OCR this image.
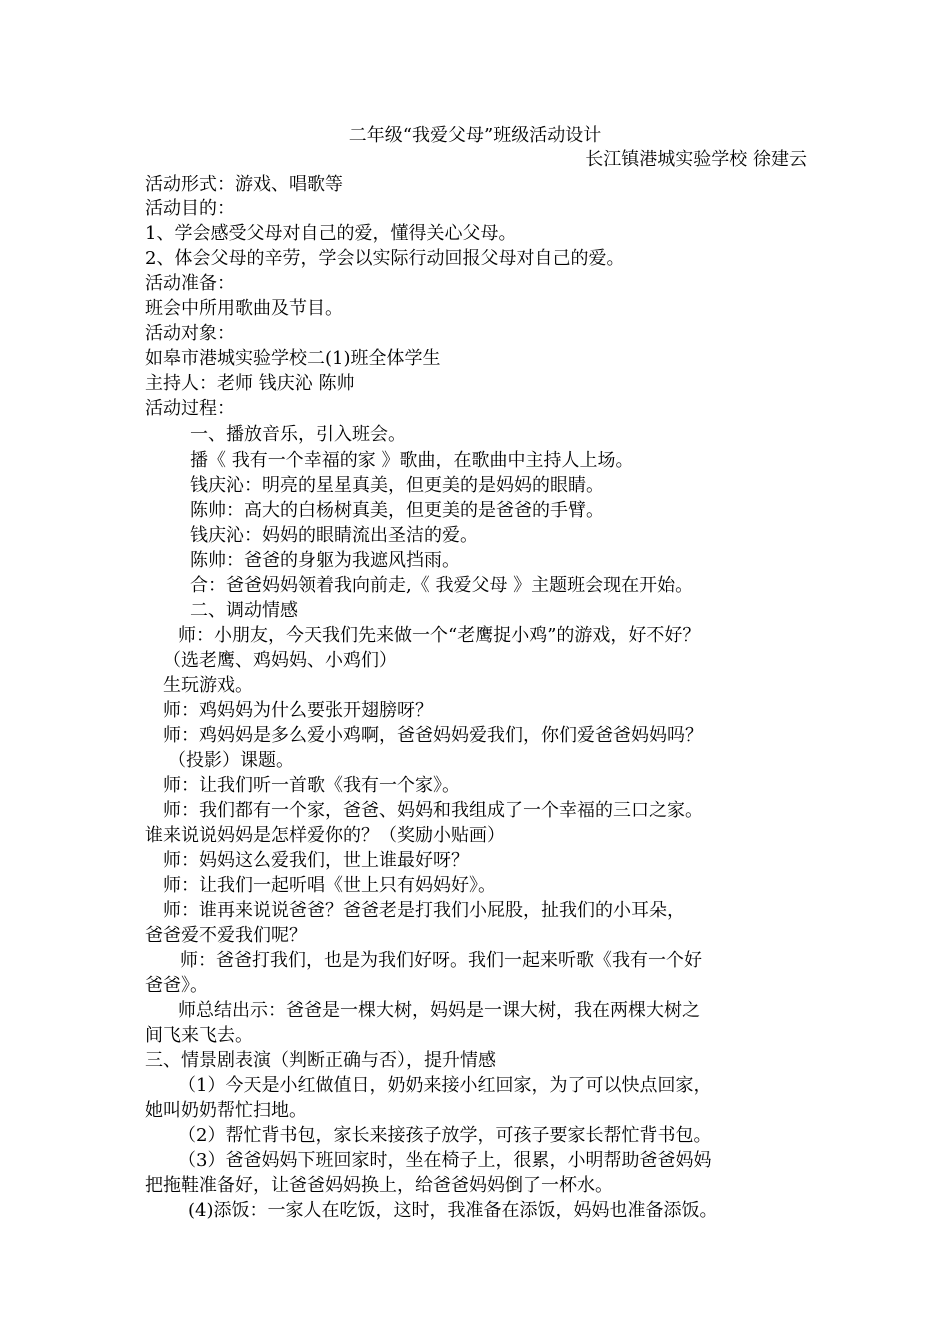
二年级“我爱父母”班级活动设计
长江镇港城实验学校 徐建云
活动形式：游戏、唱歌等
活动目的：
1、学会感受父母对自己的爱，懂得关心父母。
2、体会父母的辛劳，学会以实际行动回报父母对自己的爱。
活动准备：
班会中所用歌曲及节目。
活动对象：
如皋市港城实验学校二(1)班全体学生
主持人：老师 钱庆沁 陈帅
活动过程：
一、播放音乐，引入班会。
播《 我有一个幸福的家 》歌曲，在歌曲中主持人上场。
钱庆沁：明亮的星星真美，但更美的是妈妈的眼睛。
陈帅：高大的白杨树真美，但更美的是爸爸的手臂。
钱庆沁：妈妈的眼睛流出圣洁的爱。
陈帅：爸爸的身躯为我遮风挡雨。
合：爸爸妈妈领着我向前走,《 我爱父母 》主题班会现在开始。
二、调动情感
师：小朋友，今天我们先来做一个“老鹰捉小鸡”的游戏，好不好？
（选老鹰、鸡妈妈、小鸡们）
生玩游戏。
师：鸡妈妈为什么要张开翅膀呀？
师：鸡妈妈是多么爱小鸡啊，爸爸妈妈爱我们，你们爱爸爸妈妈吗？
（投影）课题。
师：让我们听一首歌《我有一个家》。
师：我们都有一个家，爸爸、妈妈和我组成了一个幸福的三口之家。
谁来说说妈妈是怎样爱你的？（奖励小贴画）
师：妈妈这么爱我们，世上谁最好呀？
师：让我们一起听唱《世上只有妈妈好》。
师：谁再来说说爸爸？爸爸老是打我们小屁股，扯我们的小耳朵，
爸爸爱不爱我们呢？
师：爸爸打我们，也是为我们好呀。我们一起来听歌《我有一个好
爸爸》。
师总结出示：爸爸是一棵大树，妈妈是一课大树，我在两棵大树之
间飞来飞去。
三、情景剧表演（判断正确与否），提升情感
（1）今天是小红做值日，奶奶来接小红回家，为了可以快点回家，
她叫奶奶帮忙扫地。
（2）帮忙背书包，家长来接孩子放学，可孩子要家长帮忙背书包。
（3）爸爸妈妈下班回家时，坐在椅子上，很累，小明帮助爸爸妈妈
把拖鞋准备好，让爸爸妈妈换上，给爸爸妈妈倒了一杯水。
(4)添饭：一家人在吃饭，这时，我准备在添饭，妈妈也准备添饭。
